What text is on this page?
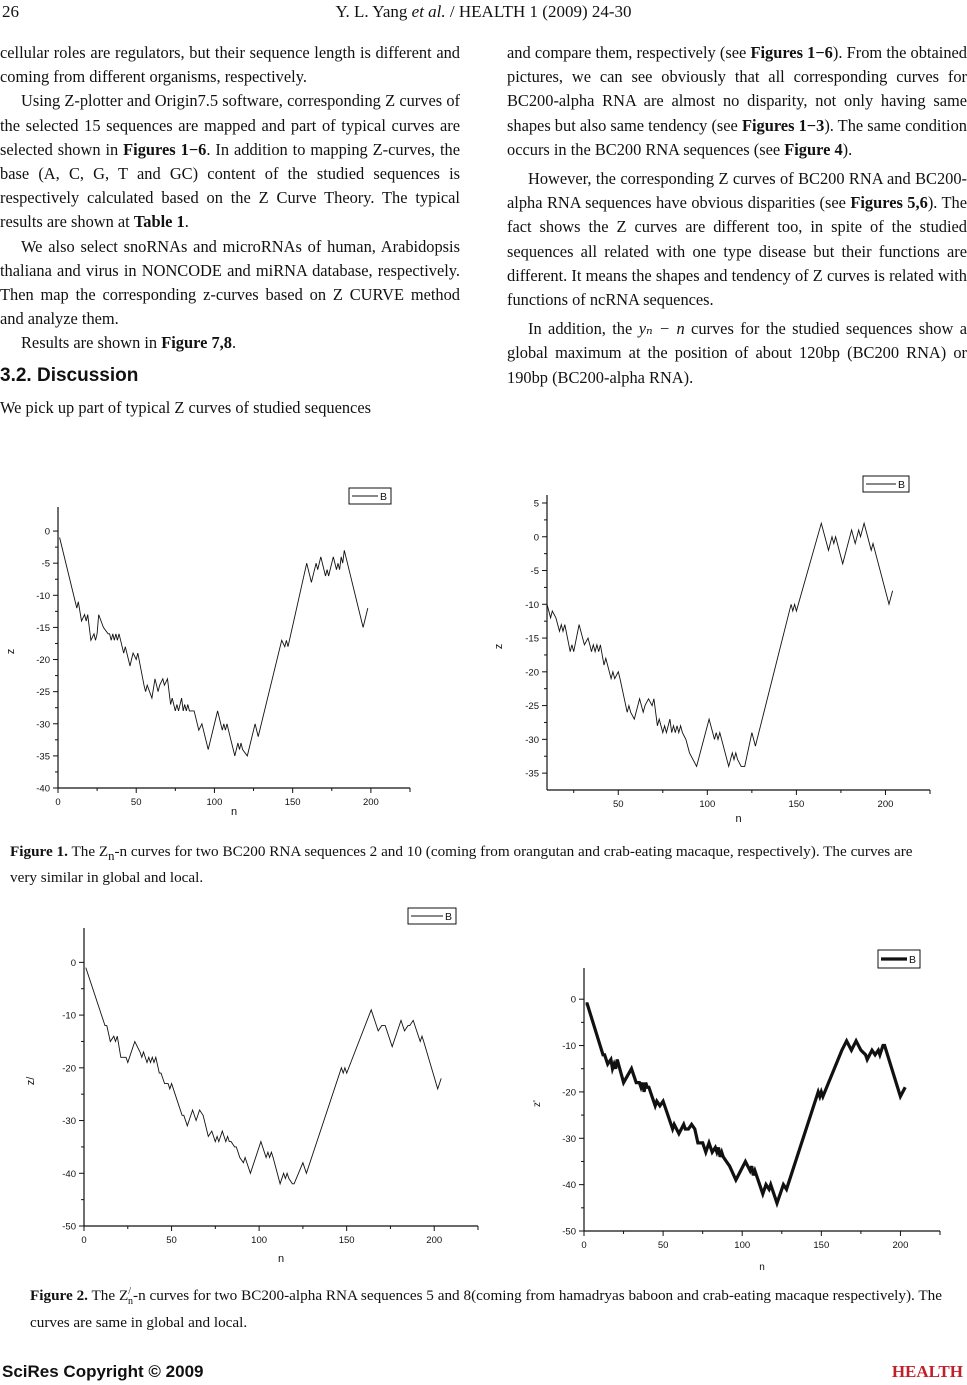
26	Y. L. Yang et al. / HEALTH 1 (2009) 24-30

cellular roles are regulators, but their sequence length is different and coming from different organisms, respectively.

Using Z-plotter and Origin7.5 software, corresponding Z curves of the selected 15 sequences are mapped and part of typical curves are selected shown in Figures 1−6. In addition to mapping Z-curves, the base (A, C, G, T and GC) content of the studied sequences is respectively calculated based on the Z Curve Theory. The typical results are shown at Table 1.

We also select snoRNAs and microRNAs of human, Arabidopsis thaliana and virus in NONCODE and miRNA database, respectively. Then map the corresponding z-curves based on Z CURVE method and analyze them.

Results are shown in Figure 7,8.

3.2. Discussion

We pick up part of typical Z curves of studied sequences

and compare them, respectively (see Figures 1−6). From the obtained pictures, we can see obviously that all corresponding curves for BC200-alpha RNA are almost no disparity, not only having same shapes but also same tendency (see Figures 1−3). The same condition occurs in the BC200 RNA sequences (see Figure 4).

However, the corresponding Z curves of BC200 RNA and BC200-alpha RNA sequences have obvious disparities (see Figures 5,6). The fact shows the Z curves are different too, in spite of the studied sequences all related with one type disease but their functions are different. It means the shapes and tendency of Z curves is related with functions of ncRNA sequences.

In addition, the yₙ − n curves for the studied sequences show a global maximum at the position of about 120bp (BC200 RNA) or 190bp (BC200-alpha RNA).

0	50	100	150	200
0
-5
-10
-15
-20
-25
-30
-35
-40
n
z
B
50	100	150	200
5
0
-5
-10
-15
-20
-25
-30
-35
n
z
B
Figure 1. The $Z_n-n$ curves for two BC200 RNA sequences 2 and 10 (coming from orangutan and crab-eating macaque, respectively). The curves are very similar in global and local.
0	50	100	150	200
0
-10
-20
-30
-40
-50
n
z/
B
0	50	100	150	200
0
-10
-20
-30
-40
-50
n
z'
B
Figure 2. The $Z^/_n-n$ curves for two BC200-alpha RNA sequences 5 and 8(coming from hamadryas baboon and crab-eating macaque respectively). The curves are same in global and local.
SciRes Copyright © 2009	HEALTH
